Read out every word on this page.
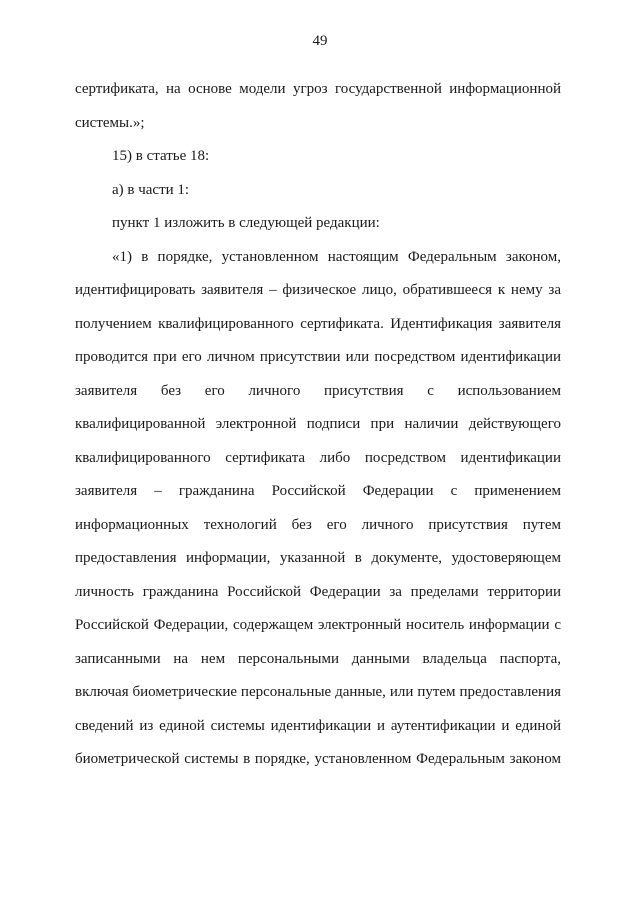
49
сертификата, на основе модели угроз государственной информационной
системы.»;
15) в статье 18:
а) в части 1:
пункт 1 изложить в следующей редакции:
«1) в порядке, установленном настоящим Федеральным законом,
идентифицировать заявителя – физическое лицо, обратившееся к нему за
получением квалифицированного сертификата. Идентификация заявителя
проводится при его личном присутствии или посредством идентификации
заявителя без его личного присутствия с использованием
квалифицированной электронной подписи при наличии действующего
квалифицированного сертификата либо посредством идентификации
заявителя – гражданина Российской Федерации с применением
информационных технологий без его личного присутствия путем
предоставления информации, указанной в документе, удостоверяющем
личность гражданина Российской Федерации за пределами территории
Российской Федерации, содержащем электронный носитель информации с
записанными на нем персональными данными владельца паспорта,
включая биометрические персональные данные, или путем предоставления
сведений из единой системы идентификации и аутентификации и единой
биометрической системы в порядке, установленном Федеральным законом
